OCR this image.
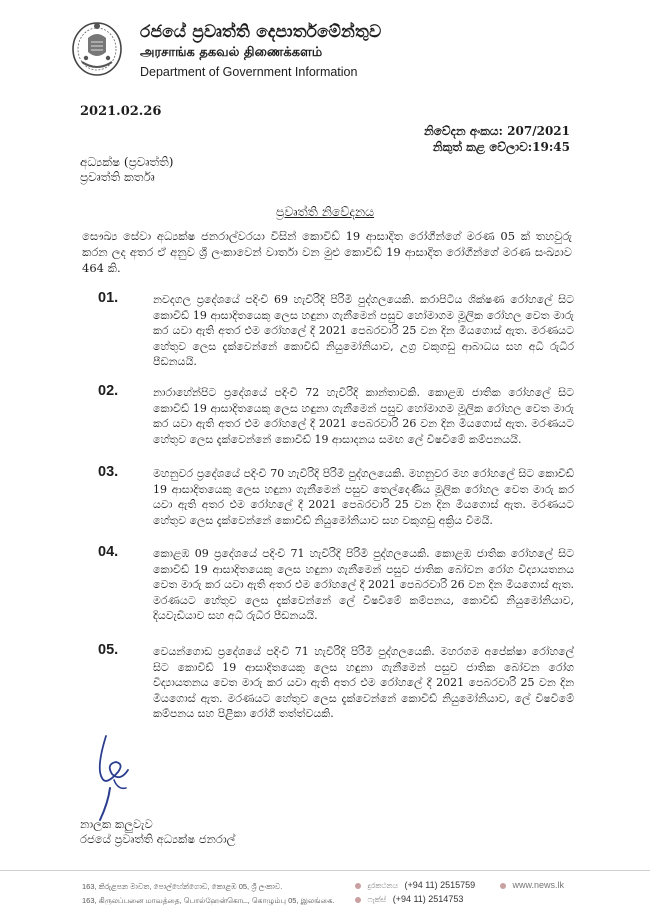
රජයේ ප්‍රවෘත්ති දෙපාර්තමේන්තුව
அரசாங்க தகவல் திணைக்களம்
Department of Government Information
2021.02.26
නිවේදන අංකය: 207/2021
නිකුත් කළ වේලාව:19:45
අධ්‍යක්ෂ (ප්‍රවෘත්ති)
ප්‍රවෘත්ති කර්තෘ
ප්‍රවෘත්ති නිවේදනය
සෞඛ්‍ය සේවා අධ්‍යක්ෂ ජනරාල්වරයා විසින් කොවිඩ් 19 ආසාදිත රෝගීන්ගේ මරණ 05 ක් තහවුරු කරන ලද අතර ඒ අනුව ශ්‍රී ලංකාවෙන් වාර්තා වන මුළු කොවිඩ් 19 ආසාදිත රෝගීන්ගේ මරණ සංඛ්‍යාව 464 කි.
01.	නවදගල ප්‍රදේශයේ පදිංචි 69 හැවිරිදි පිරිමි පුද්ගලයෙකි. කරාපිටිය ශික්ෂණ රෝහලේ සිට කොවිඩ් 19 ආසාදිතයෙකු ලෙස හඳුනා ගැනීමෙන් පසුව හෝමාගම මූලික රෝහල වෙත මාරු කර යවා ඇති අතර එම රෝහලේ දී 2021 පෙබරවාරි 25 වන දින මියගොස් ඇත. මරණයට හේතුව ලෙස දැක්වෙන්නේ කොවිඩ් නියුමෝනියාව, උග්‍ර වකුගඩු ආබාධය සහ අධි රුධිර පීඩනයයි.
02.	නාරාහේන්පිට ප්‍රදේශයේ පදිංචි 72 හැවිරිදි කාන්තාවකි. කොළඹ ජාතික රෝහලේ සිට කොවිඩ් 19 ආසාදිතයෙකු ලෙස හඳුනා ගැනීමෙන් පසුව හෝමාගම මූලික රෝහල වෙත මාරු කර යවා ඇති අතර එම රෝහලේ දී 2021 පෙබරවාරි 26 වන දින මියගොස් ඇත. මරණයට හේතුව ලෙස දැක්වෙන්නේ කොවිඩ් 19 ආසාදනය සමඟ ලේ විෂවීමේ කම්පනයයි.
03.	මහනුවර ප්‍රදේශයේ පදිංචි 70 හැවිරිදි පිරිමි පුද්ගලයෙකි. මහනුවර මහ රෝහලේ සිට කොවිඩ් 19 ආසාදිතයෙකු ලෙස හඳුනා ගැනීමෙන් පසුව තෙල්දෙණිය මූලික රෝහල වෙත මාරු කර යවා ඇති අතර එම රෝහලේ දී 2021 පෙබරවාරි 25 වන දින මියගොස් ඇත. මරණයට හේතුව ලෙස දැක්වෙන්නේ කොවිඩ් නියුමෝනියාව සහ වකුගඩු අක්‍රිය වීමයි.
04.	කොළඹ 09 ප්‍රදේශයේ පදිංචි 71 හැවිරිදි පිරිමි පුද්ගලයෙකි. කොළඹ ජාතික රෝහලේ සිට කොවිඩ් 19 ආසාදිතයෙකු ලෙස හඳුනා ගැනීමෙන් පසුව ජාතික බෝවන රෝග විද්‍යායතනය වෙත මාරු කර යවා ඇති අතර එම රෝහලේ දී 2021 පෙබරවාරි 26 වන දින මියගොස් ඇත. මරණයට හේතුව ලෙස දැක්වෙන්නේ ලේ විෂවීමේ කම්පනය, කොවිඩ් නියුමෝනියාව, දියවැඩියාව සහ අධි රුධිර පීඩනයයි.
05.	වෙයන්ගොඩ ප්‍රදේශයේ පදිංචි 71 හැවිරිදි පිරිමි පුද්ගලයෙකි. මහරගම අපේක්ෂා රෝහලේ සිට කොවිඩ් 19 ආසාදිතයෙකු ලෙස හඳුනා ගැනීමෙන් පසුව ජාතික බෝවන රෝග විද්‍යායතනය වෙත මාරු කර යවා ඇති අතර එම රෝහලේ දී 2021 පෙබරවාරි 25 වන දින මියගොස් ඇත. මරණයට හේතුව ලෙස දැක්වෙන්නේ කොවිඩ් නියුමෝනියාව, ලේ විෂවීමේ කම්පනය සහ පිළිකා රෝගී තත්ත්වයකි.
නාලක කලුවැව
රජයේ ප්‍රවෘත්ති අධ්‍යක්ෂ ජනරාල්
163, කිරුළපන මාවත, පොල්හේන්ගොඩ, කොළඹ 05, ශ්‍රී ලංකාව.
163, கிருலப்பனை மாவத்தை, பொல்ஹேன்கொட, கொழும்பு 05, இலங்கை.
දුරකථනය (+94 11) 2515759
ෆැක්ස් (+94 11) 2514753
www.news.lk
